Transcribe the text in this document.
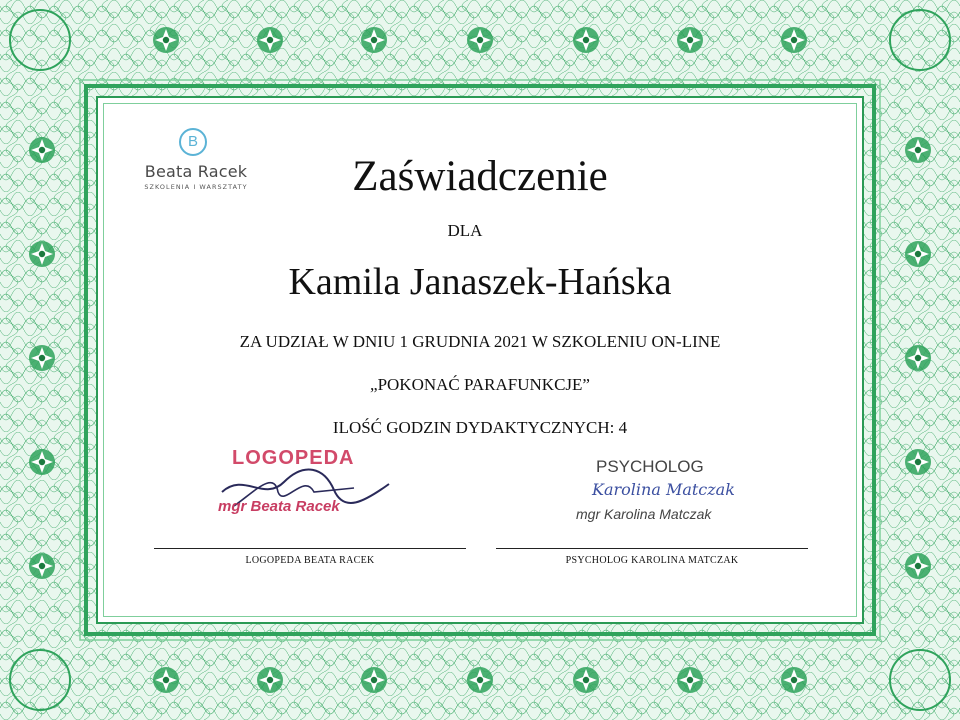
B
Beata Racek
SZKOLENIA I WARSZTATY	Zaświadczenie
DLA
Kamila Janaszek-Hańska
ZA UDZIAŁ W DNIU 1 GRUDNIA 2021 W SZKOLENIU ON-LINE
„POKONAĆ PARAFUNKCJE”
ILOŚĆ GODZIN DYDAKTYCZNYCH: 4
LOGOPEDA
mgr Beata Racek
PSYCHOLOG
Karolina Matczak
mgr Karolina Matczak
LOGOPEDA BEATA RACEK	PSYCHOLOG KAROLINA MATCZAK
